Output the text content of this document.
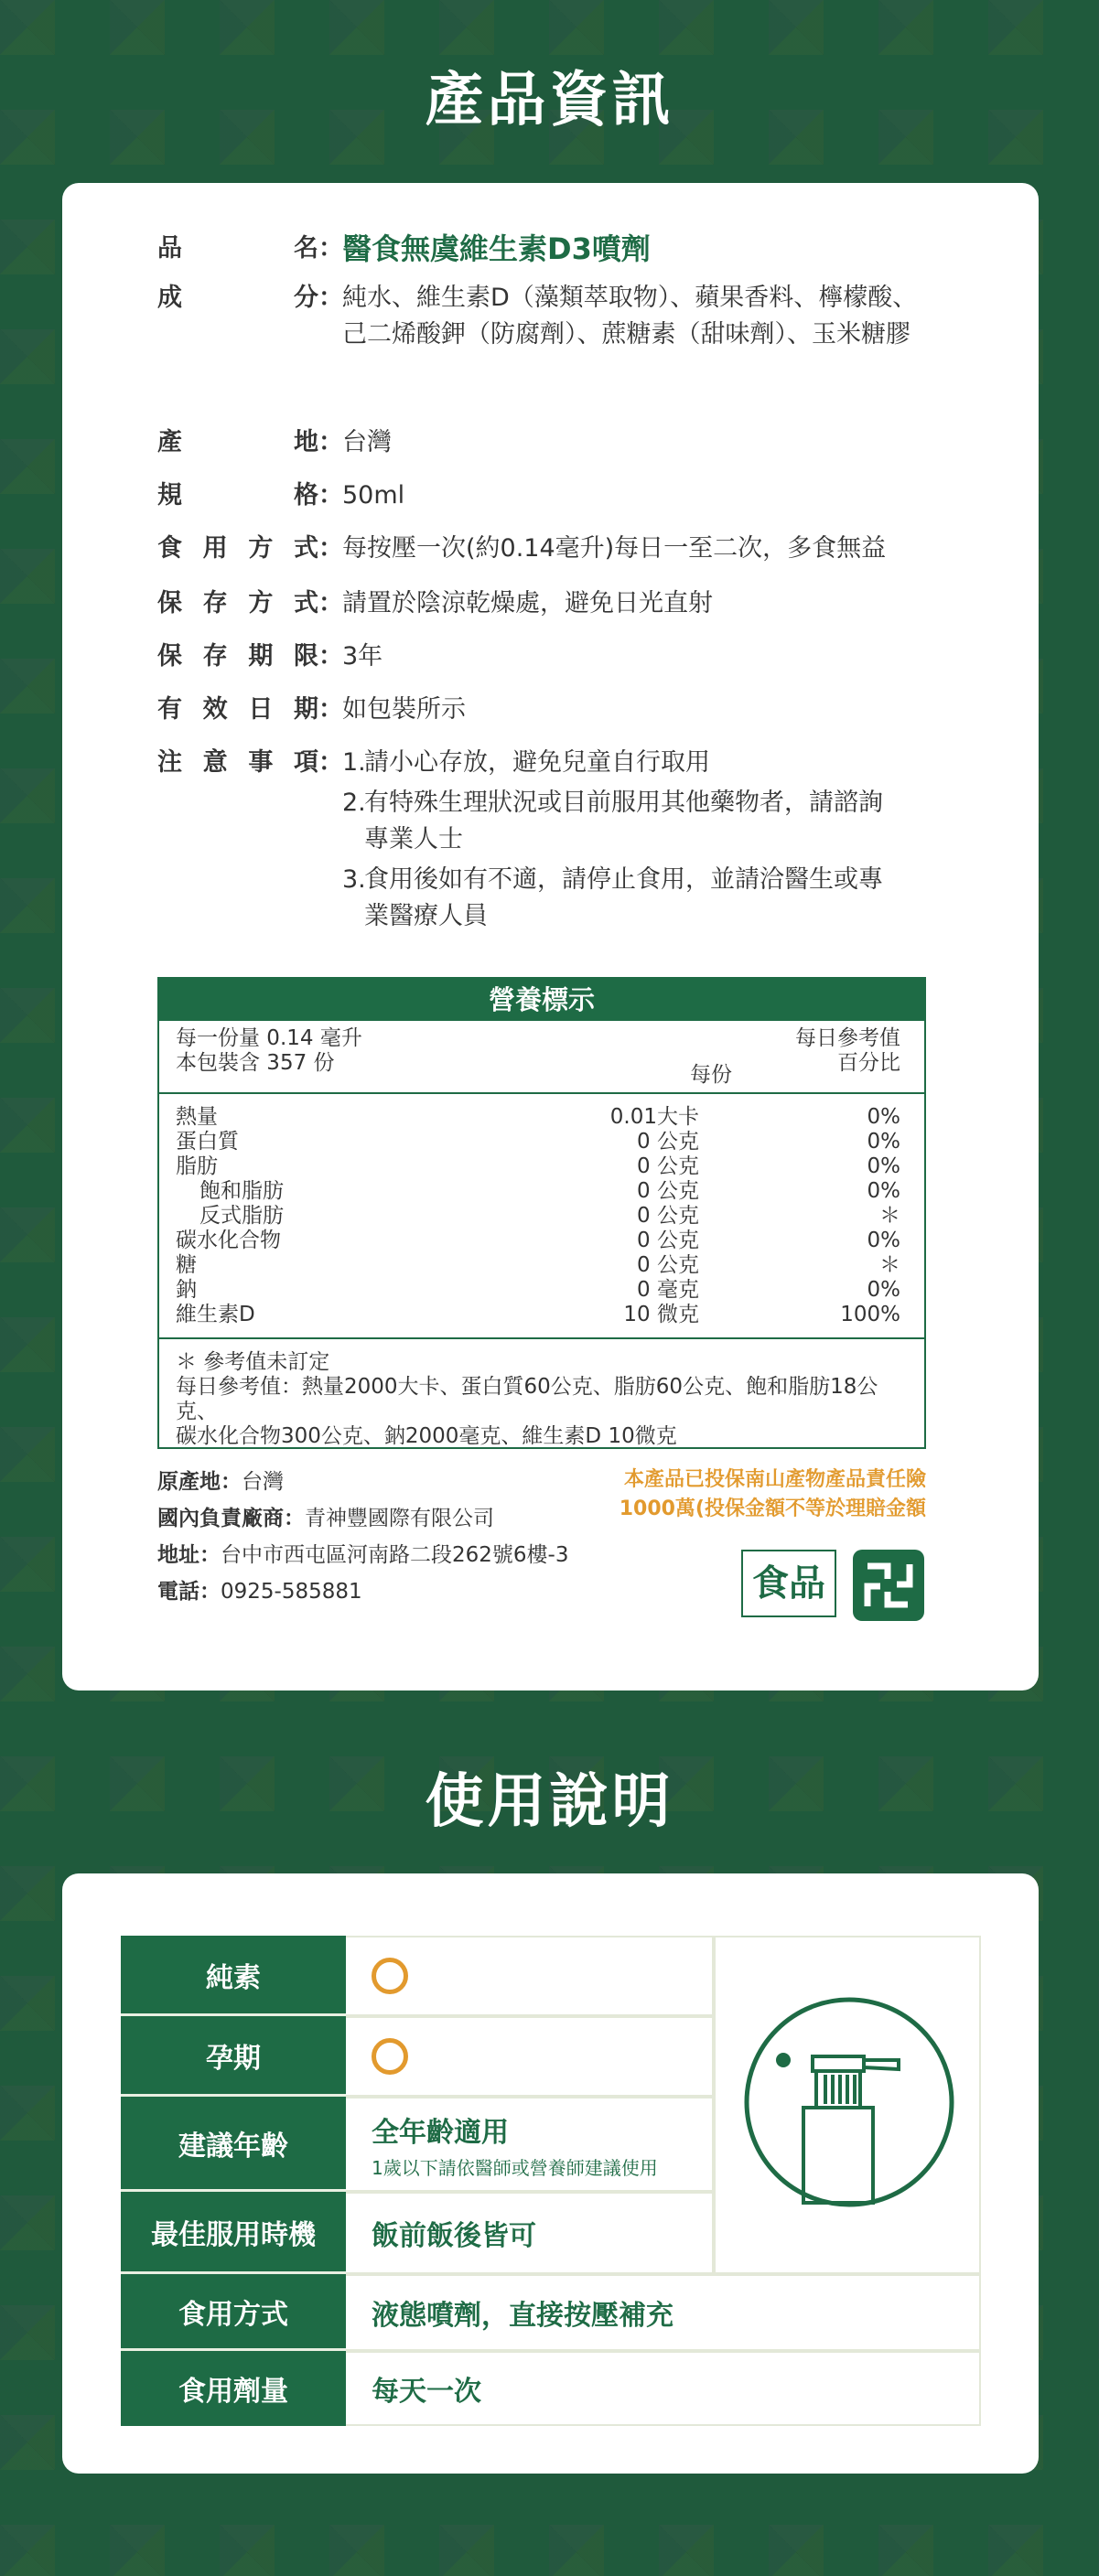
產品資訊
品	名 ： 醫食無虞維生素D3噴劑
成	分 ： 純水、維生素D（藻類萃取物）、蘋果香料、檸檬酸、
己二烯酸鉀（防腐劑）、蔗糖素（甜味劑）、玉米糖膠
產	地 ： 台灣
規	格 ： 50ml
食 用 方 式 ： 每按壓一次(約0.14毫升)每日一至二次，多食無益
保 存 方 式 ： 請置於陰涼乾燥處，避免日光直射
保 存 期 限 ： 3年
有 效 日 期 ： 如包裝所示
注 意 事 項 ： 1.
請小心存放，避免兒童自行取用
2.
有特殊生理狀況或目前服用其他藥物者，請諮詢
專業人士
3.
食用後如有不適，請停止食用，並請洽醫生或專
業醫療人員
營養標示
每一份量 0.14 毫升
本包裝含 357 份	每份
每日參考值
百分比
熱量	0.01大卡	0%
蛋白質	0 公克	0%
脂肪	0 公克	0%
飽和脂肪	0 公克	0%
反式脂肪	0 公克	＊
碳水化合物	0 公克	0%
糖	0 公克	＊
鈉	0 毫克	0%
維生素D	10 微克	100%
＊ 參考值未訂定
每日參考值：熱量2000大卡、蛋白質60公克、脂肪60公克、飽和脂肪18公克、
碳水化合物300公克、鈉2000毫克、維生素D 10微克
原產地：台灣
國內負責廠商：青神豐國際有限公司
地址：台中市西屯區河南路二段262號6樓-3
電話：0925-585881
本產品已投保南山產物產品責任險
1000萬(投保金額不等於理賠金額
食品
使用說明
純素
孕期
建議年齡	全年齡適用
1歲以下請依醫師或營養師建議使用
最佳服用時機	飯前飯後皆可
食用方式	液態噴劑，直接按壓補充
食用劑量	每天一次
